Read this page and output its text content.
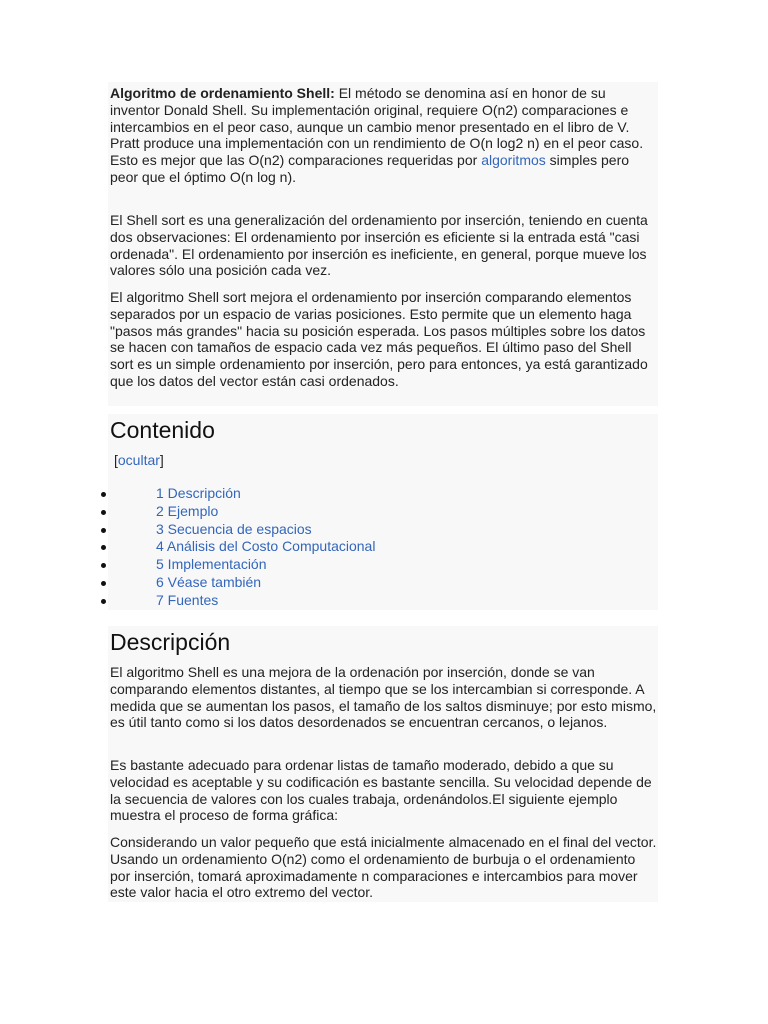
Algoritmo de ordenamiento Shell: El método se denomina así en honor de su inventor Donald Shell. Su implementación original, requiere O(n2) comparaciones e intercambios en el peor caso, aunque un cambio menor presentado en el libro de V. Pratt produce una implementación con un rendimiento de O(n log2 n) en el peor caso. Esto es mejor que las O(n2) comparaciones requeridas por algoritmos simples pero peor que el óptimo O(n log n).

El Shell sort es una generalización del ordenamiento por inserción, teniendo en cuenta dos observaciones: El ordenamiento por inserción es eficiente si la entrada está "casi ordenada". El ordenamiento por inserción es ineficiente, en general, porque mueve los valores sólo una posición cada vez.

El algoritmo Shell sort mejora el ordenamiento por inserción comparando elementos separados por un espacio de varias posiciones. Esto permite que un elemento haga "pasos más grandes" hacia su posición esperada. Los pasos múltiples sobre los datos se hacen con tamaños de espacio cada vez más pequeños. El último paso del Shell sort es un simple ordenamiento por inserción, pero para entonces, ya está garantizado que los datos del vector están casi ordenados.

Contenido
[ocultar]
1 Descripción
2 Ejemplo
3 Secuencia de espacios
4 Análisis del Costo Computacional
5 Implementación
6 Véase también
7 Fuentes
Descripción

El algoritmo Shell es una mejora de la ordenación por inserción, donde se van comparando elementos distantes, al tiempo que se los intercambian si corresponde. A medida que se aumentan los pasos, el tamaño de los saltos disminuye; por esto mismo, es útil tanto como si los datos desordenados se encuentran cercanos, o lejanos.

Es bastante adecuado para ordenar listas de tamaño moderado, debido a que su velocidad es aceptable y su codificación es bastante sencilla. Su velocidad depende de la secuencia de valores con los cuales trabaja, ordenándolos.El siguiente ejemplo muestra el proceso de forma gráfica:

Considerando un valor pequeño que está inicialmente almacenado en el final del vector. Usando un ordenamiento O(n2) como el ordenamiento de burbuja o el ordenamiento por inserción, tomará aproximadamente n comparaciones e intercambios para mover este valor hacia el otro extremo del vector.
